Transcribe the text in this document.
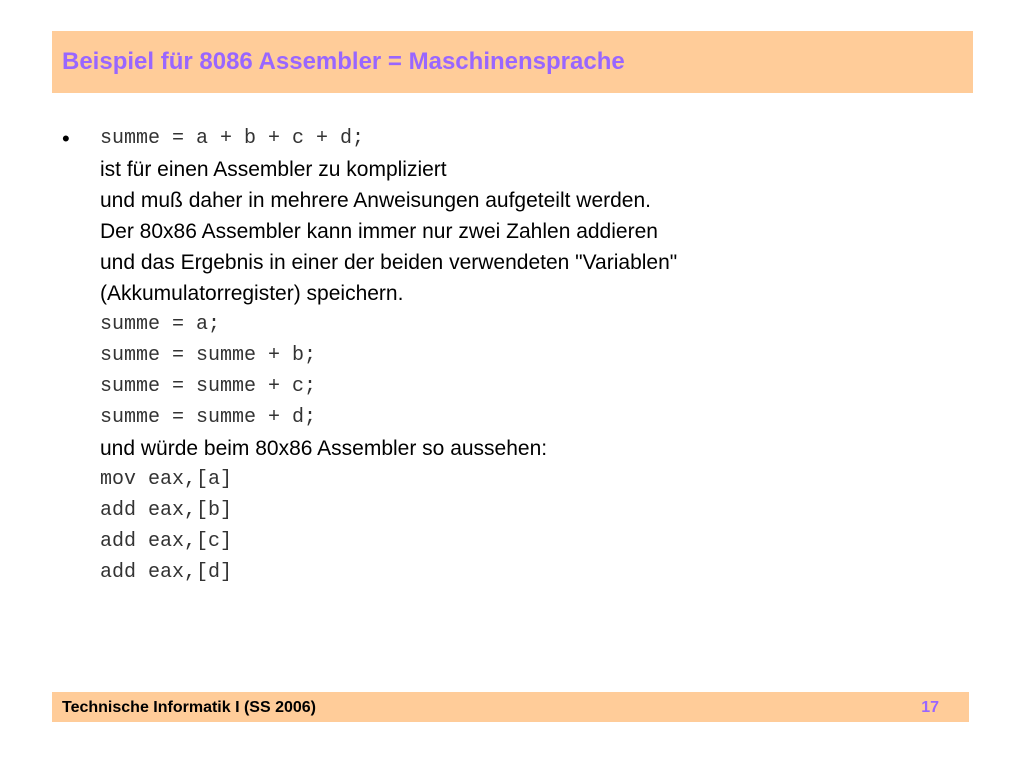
Beispiel für 8086 Assembler = Maschinensprache
• summe = a + b + c + d;
ist für einen Assembler zu kompliziert
und muß daher in mehrere Anweisungen aufgeteilt werden.
Der 80x86 Assembler kann immer nur zwei Zahlen addieren
und das Ergebnis in einer der beiden verwendeten "Variablen"
(Akkumulatorregister) speichern.
summe = a;
summe = summe + b;
summe = summe + c;
summe = summe + d;
und würde beim 80x86 Assembler so aussehen:
mov eax,[a]
add eax,[b]
add eax,[c]
add eax,[d]
Technische Informatik I (SS 2006)	17
